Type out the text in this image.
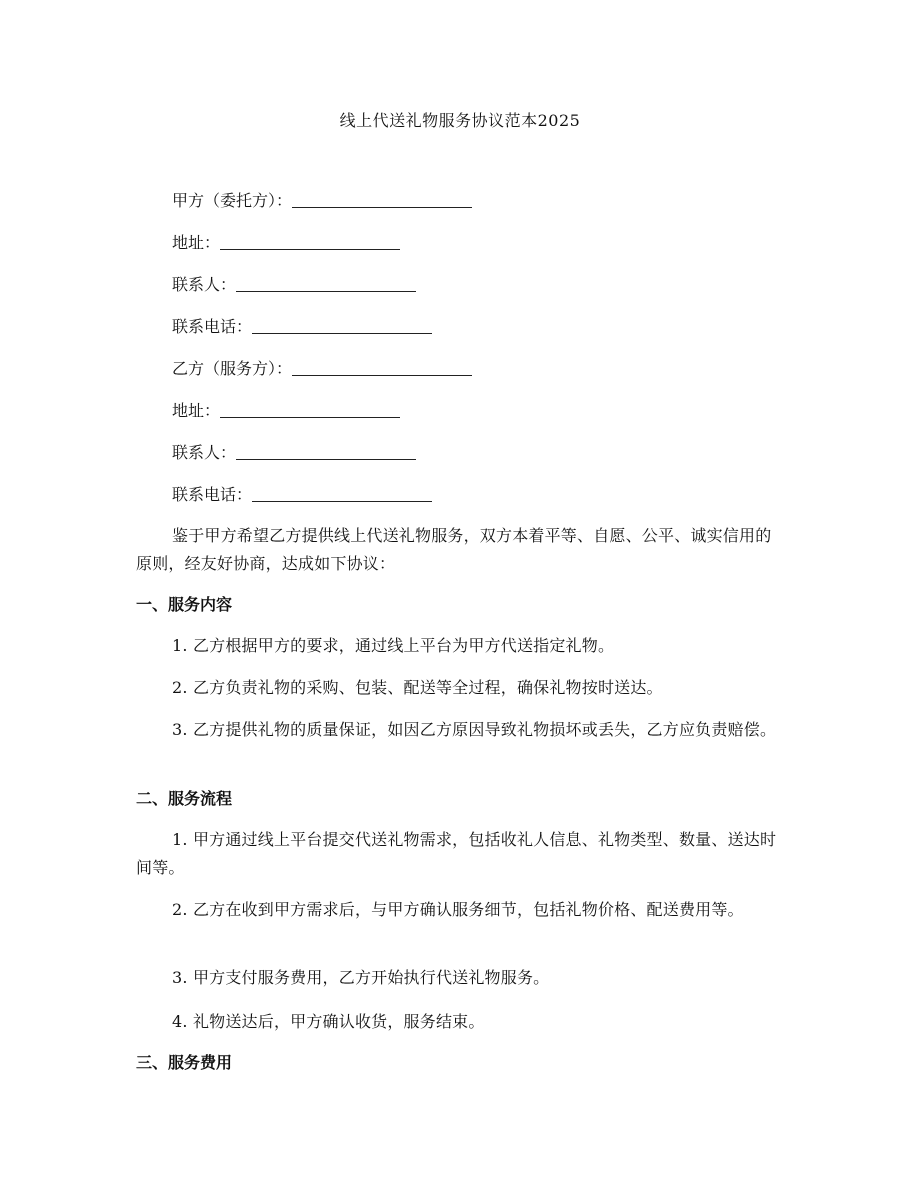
线上代送礼物服务协议范本2025
甲方（委托方）：
地址：
联系人：
联系电话：
乙方（服务方）：
地址：
联系人：
联系电话：
鉴于甲方希望乙方提供线上代送礼物服务，双方本着平等、自愿、公平、诚实信用的原则，经友好协商，达成如下协议：
一、服务内容
1. 乙方根据甲方的要求，通过线上平台为甲方代送指定礼物。
2. 乙方负责礼物的采购、包装、配送等全过程，确保礼物按时送达。
3. 乙方提供礼物的质量保证，如因乙方原因导致礼物损坏或丢失，乙方应负责赔偿。
二、服务流程
1. 甲方通过线上平台提交代送礼物需求，包括收礼人信息、礼物类型、数量、送达时间等。
2. 乙方在收到甲方需求后，与甲方确认服务细节，包括礼物价格、配送费用等。
3. 甲方支付服务费用，乙方开始执行代送礼物服务。
4. 礼物送达后，甲方确认收货，服务结束。
三、服务费用
